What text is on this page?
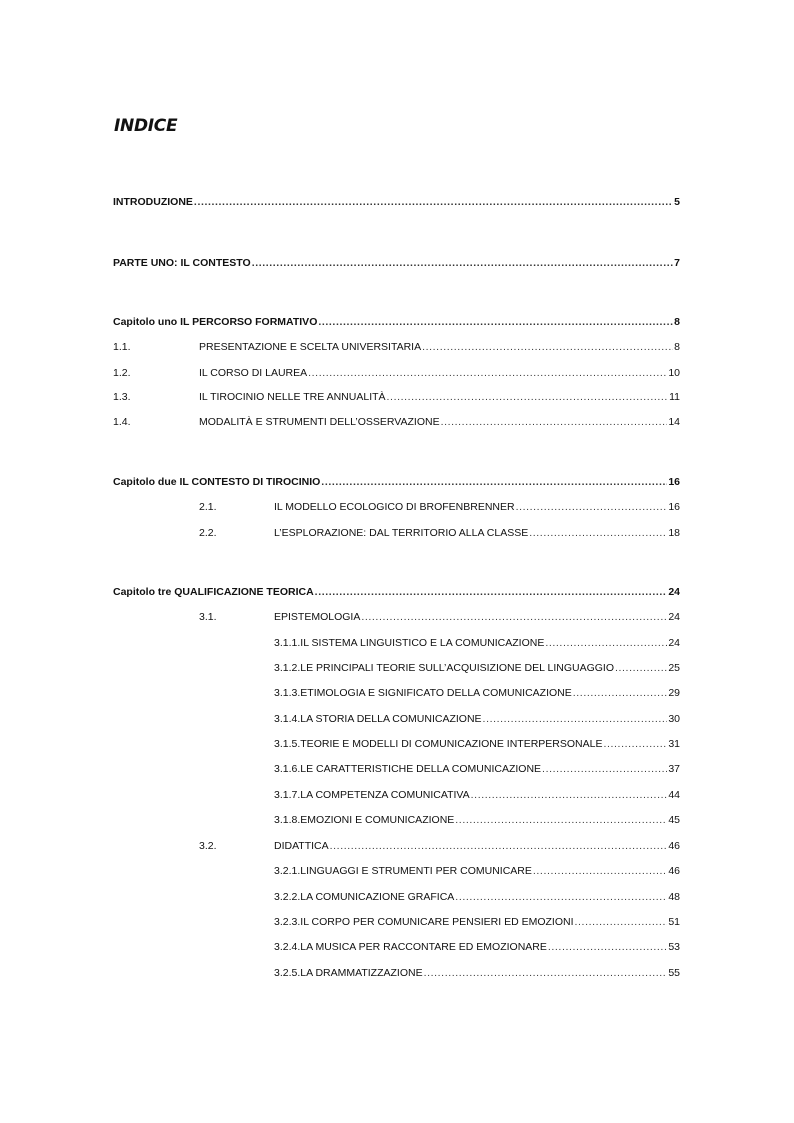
INDICE
INTRODUZIONE .....	5
PARTE UNO: IL CONTESTO .....	7
Capitolo uno IL PERCORSO FORMATIVO .....	8
1.1.	PRESENTAZIONE E SCELTA UNIVERSITARIA .....	8
1.2.	IL CORSO DI LAUREA .....	10
1.3.	IL TIROCINIO NELLE TRE ANNUALITÀ .....	11
1.4.	MODALITÀ E STRUMENTI DELL’OSSERVAZIONE .....	14
Capitolo due IL CONTESTO DI TIROCINIO .....	16
2.1.	IL MODELLO ECOLOGICO DI BROFENBRENNER .....	16
2.2.	L’ESPLORAZIONE: DAL TERRITORIO ALLA CLASSE .....	18
Capitolo tre QUALIFICAZIONE TEORICA .....	24
3.1.	EPISTEMOLOGIA .....	24
3.1.1.IL SISTEMA LINGUISTICO E LA COMUNICAZIONE .....	24
3.1.2.LE PRINCIPALI TEORIE SULL’ACQUISIZIONE DEL LINGUAGGIO .....	25
3.1.3.ETIMOLOGIA E SIGNIFICATO DELLA COMUNICAZIONE .....	29
3.1.4.LA STORIA DELLA COMUNICAZIONE .....	30
3.1.5.TEORIE E MODELLI DI COMUNICAZIONE INTERPERSONALE .....	31
3.1.6.LE CARATTERISTICHE DELLA COMUNICAZIONE .....	37
3.1.7.LA COMPETENZA COMUNICATIVA .....	44
3.1.8.EMOZIONI E COMUNICAZIONE .....	45
3.2.	DIDATTICA .....	46
3.2.1.LINGUAGGI E STRUMENTI PER COMUNICARE .....	46
3.2.2.LA COMUNICAZIONE GRAFICA .....	48
3.2.3.IL CORPO PER COMUNICARE PENSIERI ED EMOZIONI .....	51
3.2.4.LA MUSICA PER RACCONTARE ED EMOZIONARE .....	53
3.2.5.LA DRAMMATIZZAZIONE .....	55
